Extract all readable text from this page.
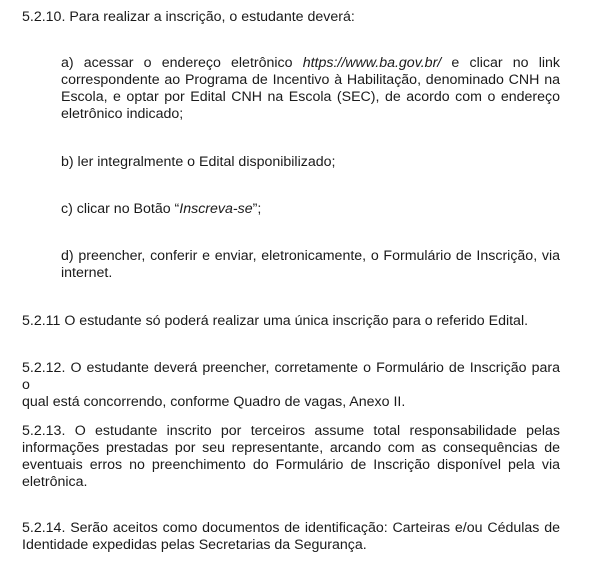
5.2.10. Para realizar a inscrição, o estudante deverá:

a) acessar o endereço eletrônico https://www.ba.gov.br/ e clicar no link
correspondente ao Programa de Incentivo à Habilitação, denominado CNH na
Escola, e optar por Edital CNH na Escola (SEC), de acordo com o endereço
eletrônico indicado;

b) ler integralmente o Edital disponibilizado;

c) clicar no Botão “Inscreva-se”;

d) preencher, conferir e enviar, eletronicamente, o Formulário de Inscrição, via
internet.

5.2.11 O estudante só poderá realizar uma única inscrição para o referido Edital.

5.2.12. O estudante deverá preencher, corretamente o Formulário de Inscrição para o
qual está concorrendo, conforme Quadro de vagas, Anexo II.

5.2.13. O estudante inscrito por terceiros assume total responsabilidade pelas
informações prestadas por seu representante, arcando com as consequências de
eventuais erros no preenchimento do Formulário de Inscrição disponível pela via
eletrônica.

5.2.14. Serão aceitos como documentos de identificação: Carteiras e/ou Cédulas de
Identidade expedidas pelas Secretarias da Segurança.
